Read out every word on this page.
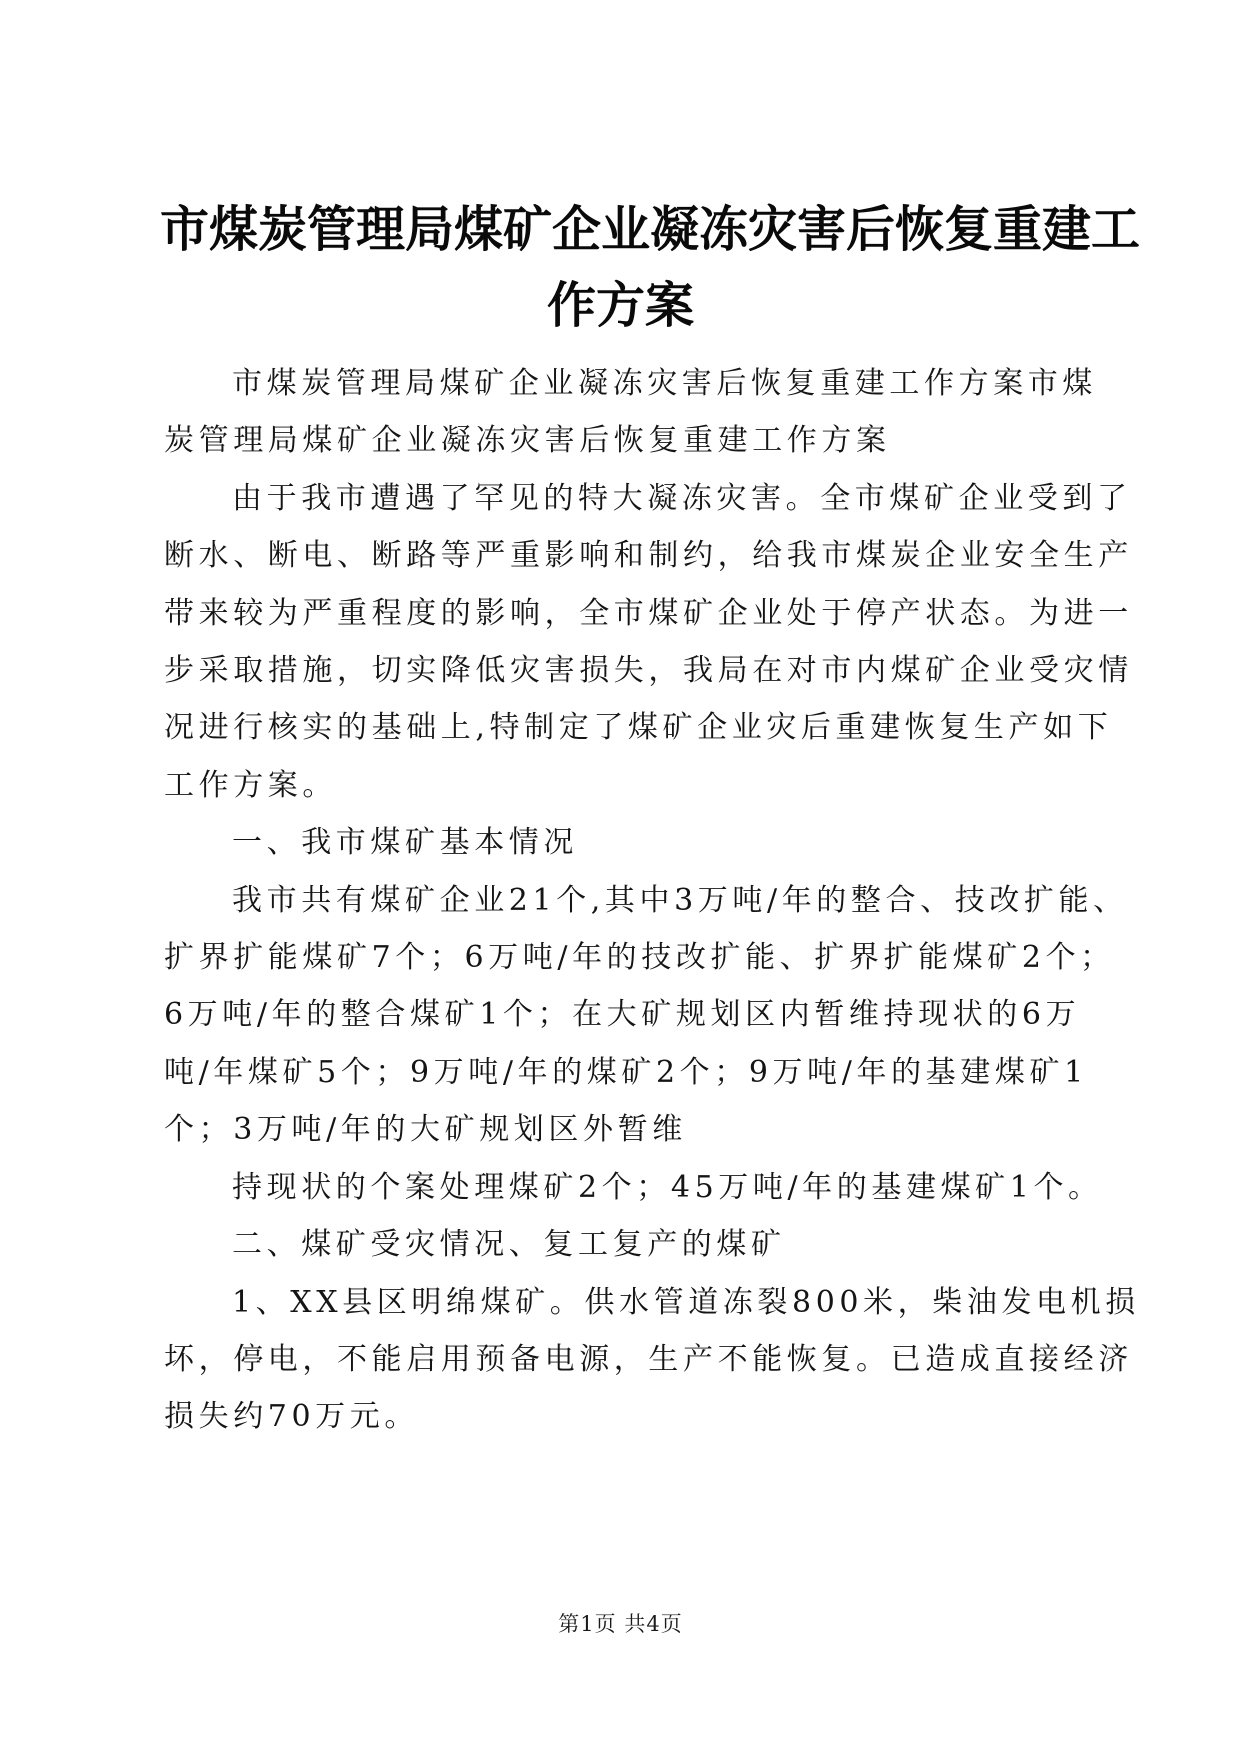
市煤炭管理局煤矿企业凝冻灾害后恢复重建工
作方案
市煤炭管理局煤矿企业凝冻灾害后恢复重建工作方案市煤
炭管理局煤矿企业凝冻灾害后恢复重建工作方案
由于我市遭遇了罕见的特大凝冻灾害。全市煤矿企业受到了
断水、断电、断路等严重影响和制约，给我市煤炭企业安全生产
带来较为严重程度的影响，全市煤矿企业处于停产状态。为进一
步采取措施，切实降低灾害损失，我局在对市内煤矿企业受灾情
况进行核实的基础上,特制定了煤矿企业灾后重建恢复生产如下
工作方案。
一、我市煤矿基本情况
我市共有煤矿企业21个,其中3万吨/年的整合、技改扩能、
扩界扩能煤矿7个；6万吨/年的技改扩能、扩界扩能煤矿2个；
6万吨/年的整合煤矿1个；在大矿规划区内暂维持现状的6万
吨/年煤矿5个；9万吨/年的煤矿2个；9万吨/年的基建煤矿1
个；3万吨/年的大矿规划区外暂维
持现状的个案处理煤矿2个；45万吨/年的基建煤矿1个。
二、煤矿受灾情况、复工复产的煤矿
1、XX县区明绵煤矿。供水管道冻裂800米，柴油发电机损
坏，停电，不能启用预备电源，生产不能恢复。已造成直接经济
损失约70万元。
第1页 共4页
